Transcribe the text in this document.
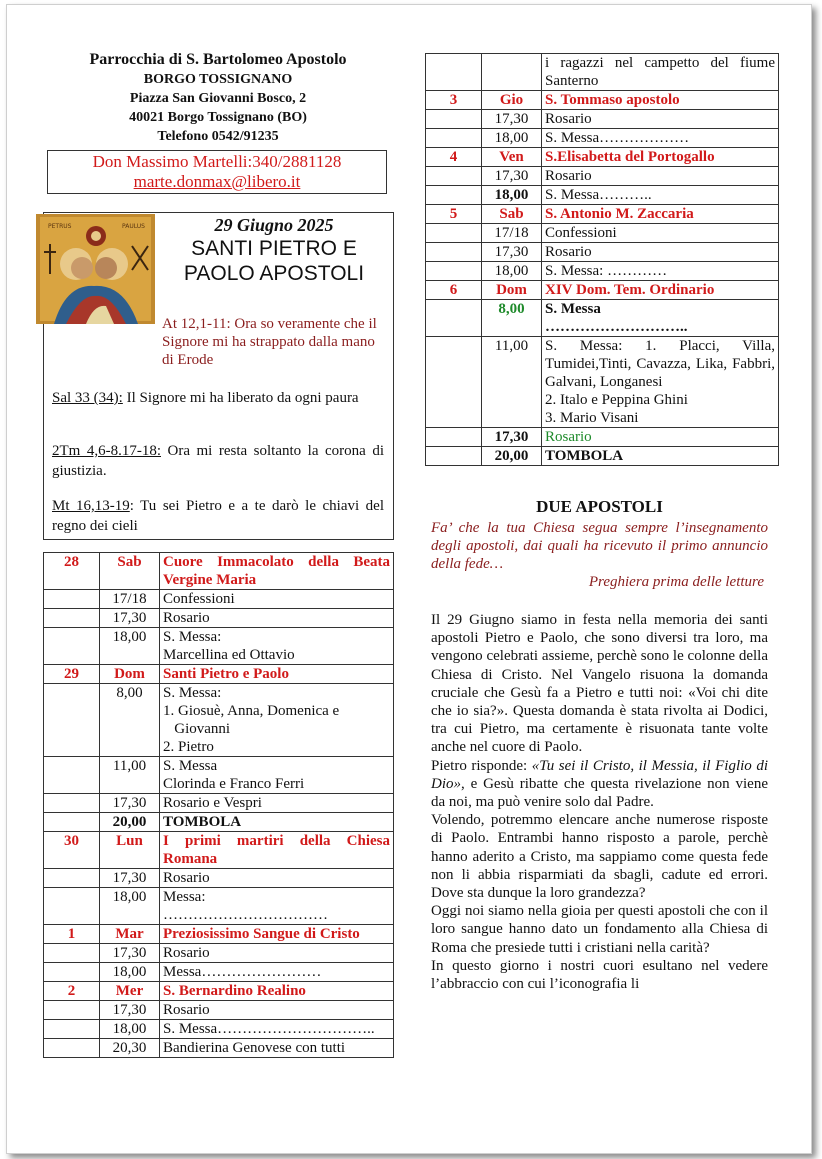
Parrocchia di S. Bartolomeo Apostolo
BORGO TOSSIGNANO
Piazza San Giovanni Bosco, 2
40021 Borgo Tossignano (BO)
Telefono 0542/91235
Don Massimo Martelli:340/2881128
marte.donmax@libero.it
PETRUS	PAULUS	29 Giugno 2025
SANTI PIETRO E
PAOLO APOSTOLI
At 12,1-11: Ora so veramente che il Signore mi ha strappato dalla mano di Erode
Sal 33 (34): Il Signore mi ha liberato da ogni paura
2Tm 4,6-8.17-18: Ora mi resta soltanto la corona di giustizia.
Mt 16,13-19: Tu sei Pietro e a te darò le chiavi del regno dei cieli
28	Sab	Cuore Immacolato della Beata Vergine Maria
	17/18	Confessioni
	17,30	Rosario
	18,00	S. Messa:
Marcellina ed Ottavio
29	Dom	Santi Pietro e Paolo
	8,00	S. Messa:
1. Giosuè, Anna, Domenica e
Giovanni
2. Pietro
	11,00	S. Messa
Clorinda e Franco Ferri
	17,30	Rosario e Vespri
	20,00	TOMBOLA
30	Lun	I primi martiri della Chiesa Romana
	17,30	Rosario
	18,00	Messa:
……………………………
1	Mar	Preziosissimo Sangue di Cristo
	17,30	Rosario
	18,00	Messa……………………
2	Mer	S. Bernardino Realino
	17,30	Rosario
	18,00	S. Messa…………………………..
	20,30	Bandierina Genovese con tutti
		i ragazzi nel campetto del fiume Santerno
3	Gio	S. Tommaso apostolo
	17,30	Rosario
	18,00	S. Messa………………
4	Ven	S.Elisabetta del Portogallo
	17,30	Rosario
	18,00	S. Messa………..
5	Sab	S. Antonio M. Zaccaria
	17/18	Confessioni
	17,30	Rosario
	18,00	S. Messa: …………
6	Dom	XIV Dom. Tem. Ordinario
	8,00	S. Messa
………………………..
	11,00	S. Messa: 1. Placci, Villa, Tumidei,Tinti, Cavazza, Lika, Fabbri, Galvani, Longanesi
2. Italo e Peppina Ghini
3. Mario Visani
	17,30	Rosario
	20,00	TOMBOLA
DUE APOSTOLI
Fa’ che la tua Chiesa segua sempre l’insegnamento degli apostoli, dai quali ha ricevuto il primo annuncio della fede…
Preghiera prima delle letture

Il 29 Giugno siamo in festa nella memoria dei santi apostoli Pietro e Paolo, che sono diversi tra loro, ma vengono celebrati assieme, perchè sono le colonne della Chiesa di Cristo. Nel Vangelo risuona la domanda cruciale che Gesù fa a Pietro e tutti noi: «Voi chi dite che io sia?». Questa domanda è stata rivolta ai Dodici, tra cui Pietro, ma certamente è risuonata tante volte anche nel cuore di Paolo.

Pietro risponde: «Tu sei il Cristo, il Messia, il Figlio di Dio», e Gesù ribatte che questa rivelazione non viene da noi, ma può venire solo dal Padre.

Volendo, potremmo elencare anche numerose risposte di Paolo. Entrambi hanno risposto a parole, perchè hanno aderito a Cristo, ma sappiamo come questa fede non li abbia risparmiati da sbagli, cadute ed errori. Dove sta dunque la loro grandezza?

Oggi noi siamo nella gioia per questi apostoli che con il loro sangue hanno dato un fondamento alla Chiesa di Roma che presiede tutti i cristiani nella carità?

In questo giorno i nostri cuori esultano nel vedere l’abbraccio con cui l’iconografia li
